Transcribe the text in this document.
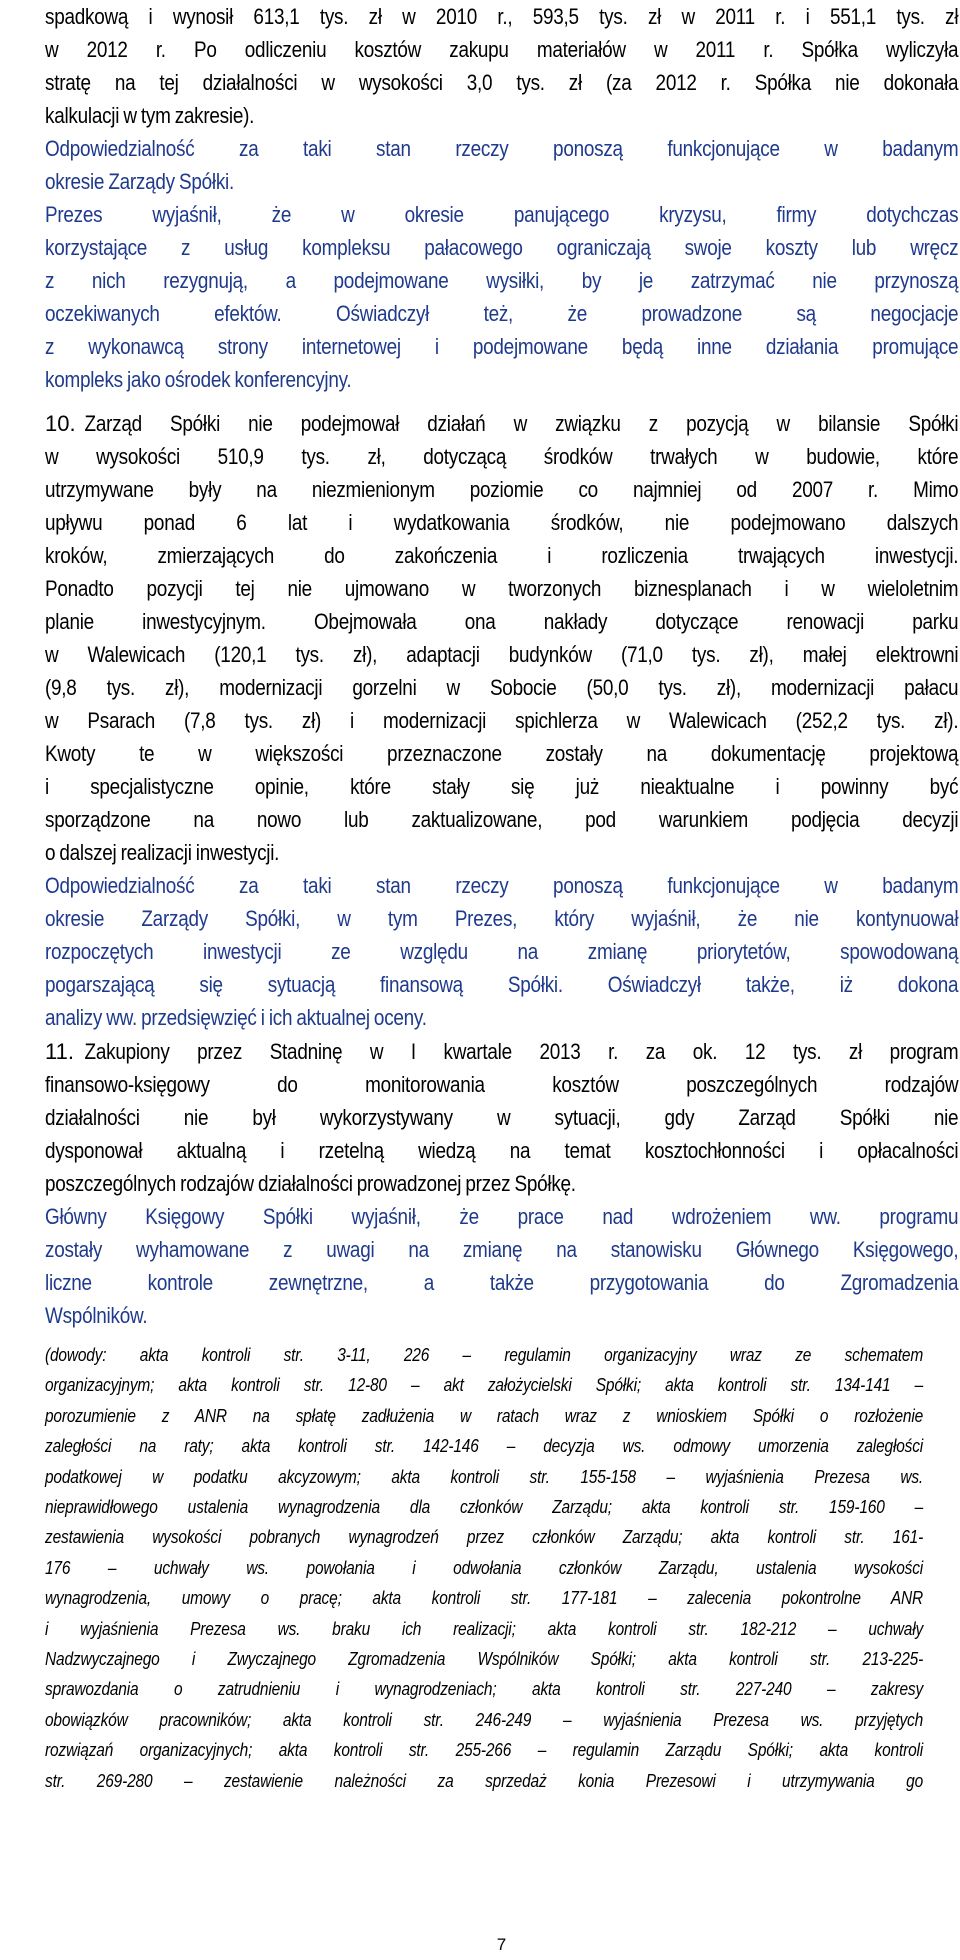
spadkową i wynosił 613,1 tys. zł w 2010 r., 593,5 tys. zł w 2011 r. i 551,1 tys. zł

w 2012 r. Po odliczeniu kosztów zakupu materiałów w 2011 r. Spółka wyliczyła

stratę na tej działalności w wysokości 3,0 tys. zł (za 2012 r. Spółka nie dokonała

kalkulacji w tym zakresie).

Odpowiedzialność za taki stan rzeczy ponoszą funkcjonujące w badanym

okresie Zarządy Spółki.

Prezes wyjaśnił, że w okresie panującego kryzysu, firmy dotychczas

korzystające z usług kompleksu pałacowego ograniczają swoje koszty lub wręcz

z nich rezygnują, a podejmowane wysiłki, by je zatrzymać nie przynoszą

oczekiwanych efektów. Oświadczył też, że prowadzone są negocjacje

z wykonawcą strony internetowej i podejmowane będą inne działania promujące

kompleks jako ośrodek konferencyjny.

10. Zarząd Spółki nie podejmował działań w związku z pozycją w bilansie Spółki

w wysokości 510,9 tys. zł, dotyczącą środków trwałych w budowie, które

utrzymywane były na niezmienionym poziomie co najmniej od 2007 r. Mimo

upływu ponad 6 lat i wydatkowania środków, nie podejmowano dalszych

kroków, zmierzających do zakończenia i rozliczenia trwających inwestycji.

Ponadto pozycji tej nie ujmowano w tworzonych biznesplanach i w wieloletnim

planie inwestycyjnym. Obejmowała ona nakłady dotyczące renowacji parku

w Walewicach (120,1 tys. zł), adaptacji budynków (71,0 tys. zł), małej elektrowni

(9,8 tys. zł), modernizacji gorzelni w Sobocie (50,0 tys. zł), modernizacji pałacu

w Psarach (7,8 tys. zł) i modernizacji spichlerza w Walewicach (252,2 tys. zł).

Kwoty te w większości przeznaczone zostały na dokumentację projektową

i specjalistyczne opinie, które stały się już nieaktualne i powinny być

sporządzone na nowo lub zaktualizowane, pod warunkiem podjęcia decyzji

o dalszej realizacji inwestycji.

Odpowiedzialność za taki stan rzeczy ponoszą funkcjonujące w badanym

okresie Zarządy Spółki, w tym Prezes, który wyjaśnił, że nie kontynuował

rozpoczętych inwestycji ze względu na zmianę priorytetów, spowodowaną

pogarszającą się sytuacją finansową Spółki. Oświadczył także, iż dokona

analizy ww. przedsięwzięć i ich aktualnej oceny.

11. Zakupiony przez Stadninę w I kwartale 2013 r. za ok. 12 tys. zł program

finansowo-księgowy do monitorowania kosztów poszczególnych rodzajów

działalności nie był wykorzystywany w sytuacji, gdy Zarząd Spółki nie

dysponował aktualną i rzetelną wiedzą na temat kosztochłonności i opłacalności

poszczególnych rodzajów działalności prowadzonej przez Spółkę.

Główny Księgowy Spółki wyjaśnił, że prace nad wdrożeniem ww. programu

zostały wyhamowane z uwagi na zmianę na stanowisku Głównego Księgowego,

liczne kontrole zewnętrzne, a także przygotowania do Zgromadzenia

Wspólników.

(dowody: akta kontroli str. 3-11, 226 – regulamin organizacyjny wraz ze schematem

organizacyjnym; akta kontroli str. 12-80 – akt założycielski Spółki; akta kontroli str. 134-141 –

porozumienie z ANR na spłatę zadłużenia w ratach wraz z wnioskiem Spółki o rozłożenie

zaległości na raty; akta kontroli str. 142-146 – decyzja ws. odmowy umorzenia zaległości

podatkowej w podatku akcyzowym; akta kontroli str. 155-158 – wyjaśnienia Prezesa ws.

nieprawidłowego ustalenia wynagrodzenia dla członków Zarządu; akta kontroli str. 159-160 –

zestawienia wysokości pobranych wynagrodzeń przez członków Zarządu; akta kontroli str. 161-

176 – uchwały ws. powołania i odwołania członków Zarządu, ustalenia wysokości

wynagrodzenia, umowy o pracę; akta kontroli str. 177-181 – zalecenia pokontrolne ANR

i wyjaśnienia Prezesa ws. braku ich realizacji; akta kontroli str. 182-212 – uchwały

Nadzwyczajnego i Zwyczajnego Zgromadzenia Wspólników Spółki; akta kontroli str. 213-225-

sprawozdania o zatrudnieniu i wynagrodzeniach; akta kontroli str. 227-240 – zakresy

obowiązków pracowników; akta kontroli str. 246-249 – wyjaśnienia Prezesa ws. przyjętych

rozwiązań organizacyjnych; akta kontroli str. 255-266 – regulamin Zarządu Spółki; akta kontroli

str. 269-280 – zestawienie należności za sprzedaż konia Prezesowi i utrzymywania go

7
